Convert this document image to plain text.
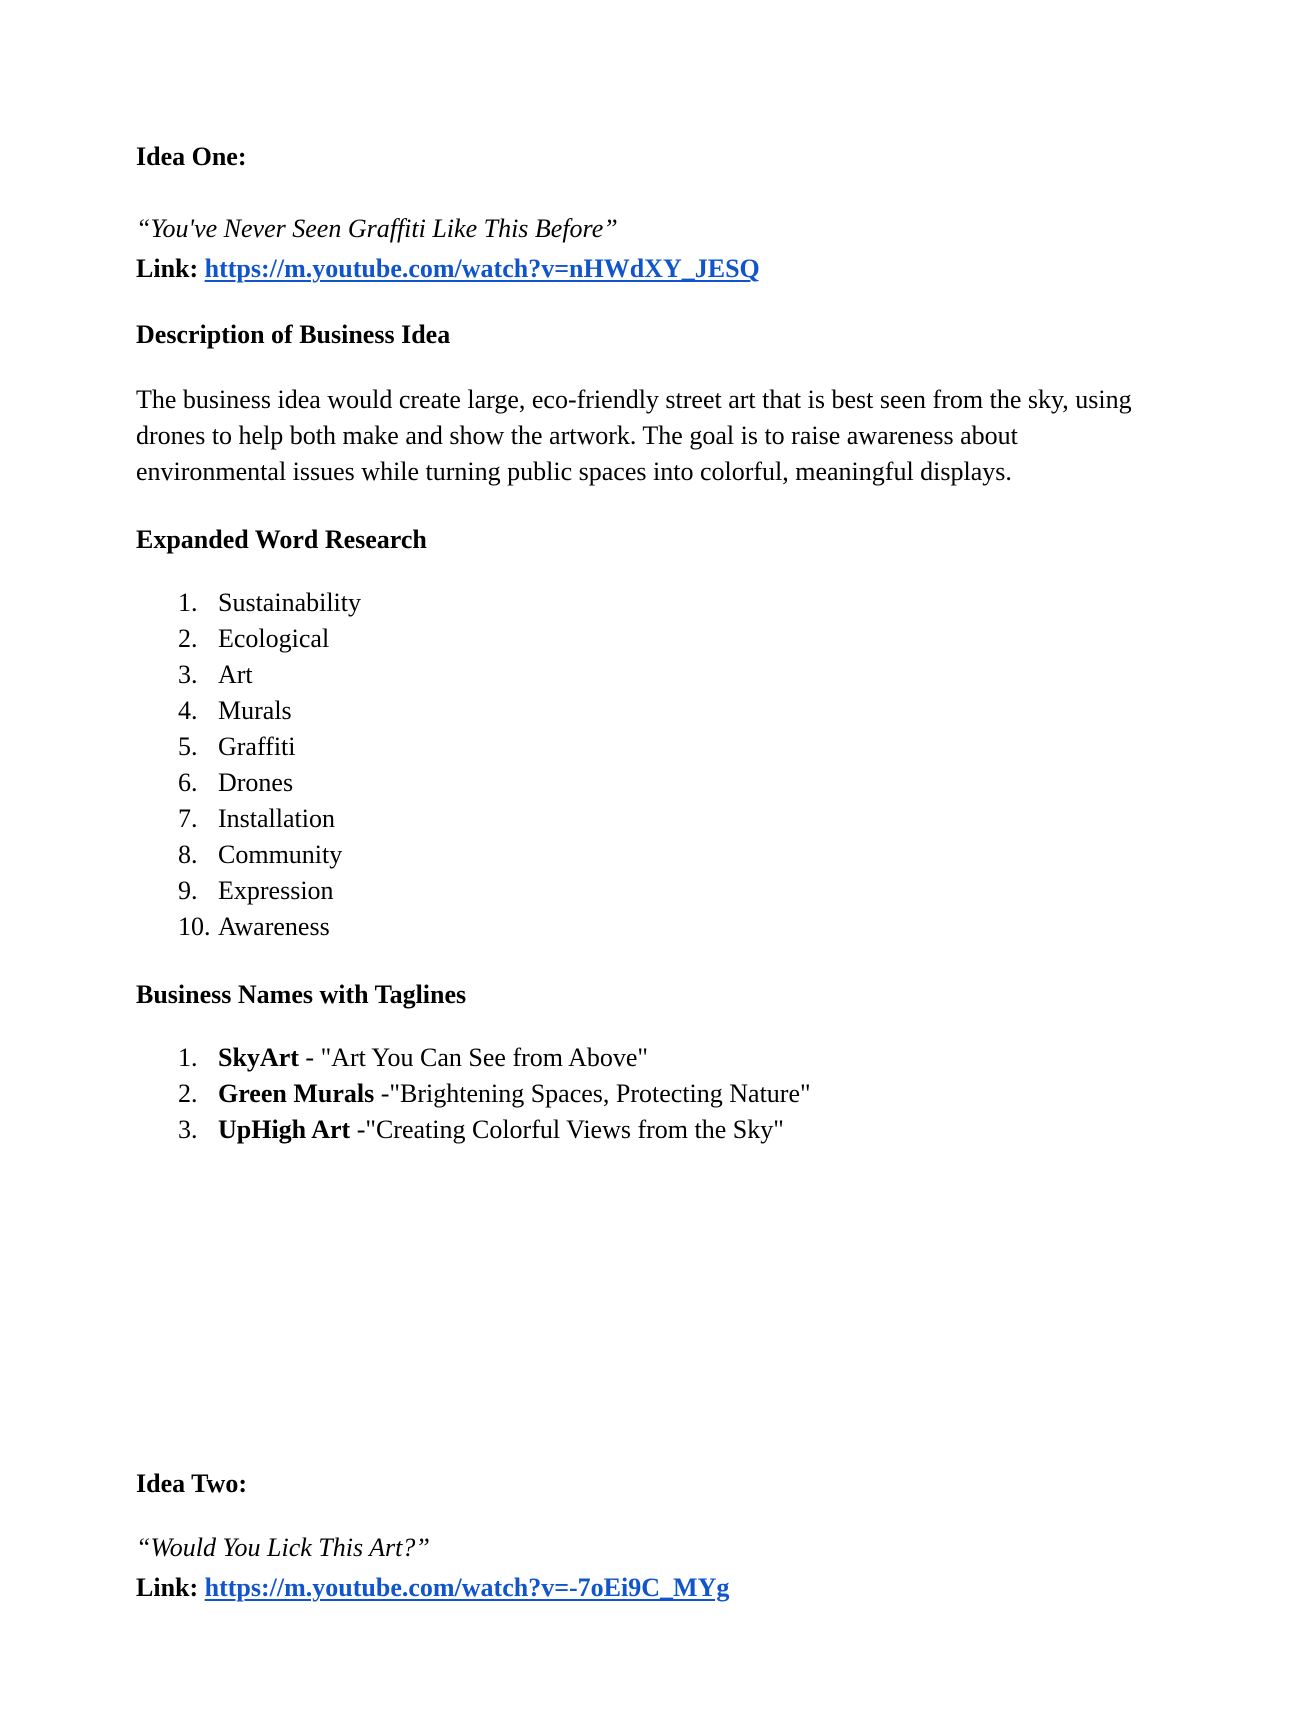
Idea One:
“You've Never Seen Graffiti Like This Before”
Link: https://m.youtube.com/watch?v=nHWdXY_JESQ
Description of Business Idea
The business idea would create large, eco-friendly street art that is best seen from the sky, using
drones to help both make and show the artwork. The goal is to raise awareness about
environmental issues while turning public spaces into colorful, meaningful displays.
Expanded Word Research
1. Sustainability
2. Ecological
3. Art
4. Murals
5. Graffiti
6. Drones
7. Installation
8. Community
9. Expression
10. Awareness
Business Names with Taglines
1. SkyArt - "Art You Can See from Above"
2. Green Murals -"Brightening Spaces, Protecting Nature"
3. UpHigh Art -"Creating Colorful Views from the Sky"
Idea Two:
“Would You Lick This Art?”
Link: https://m.youtube.com/watch?v=-7oEi9C_MYg
